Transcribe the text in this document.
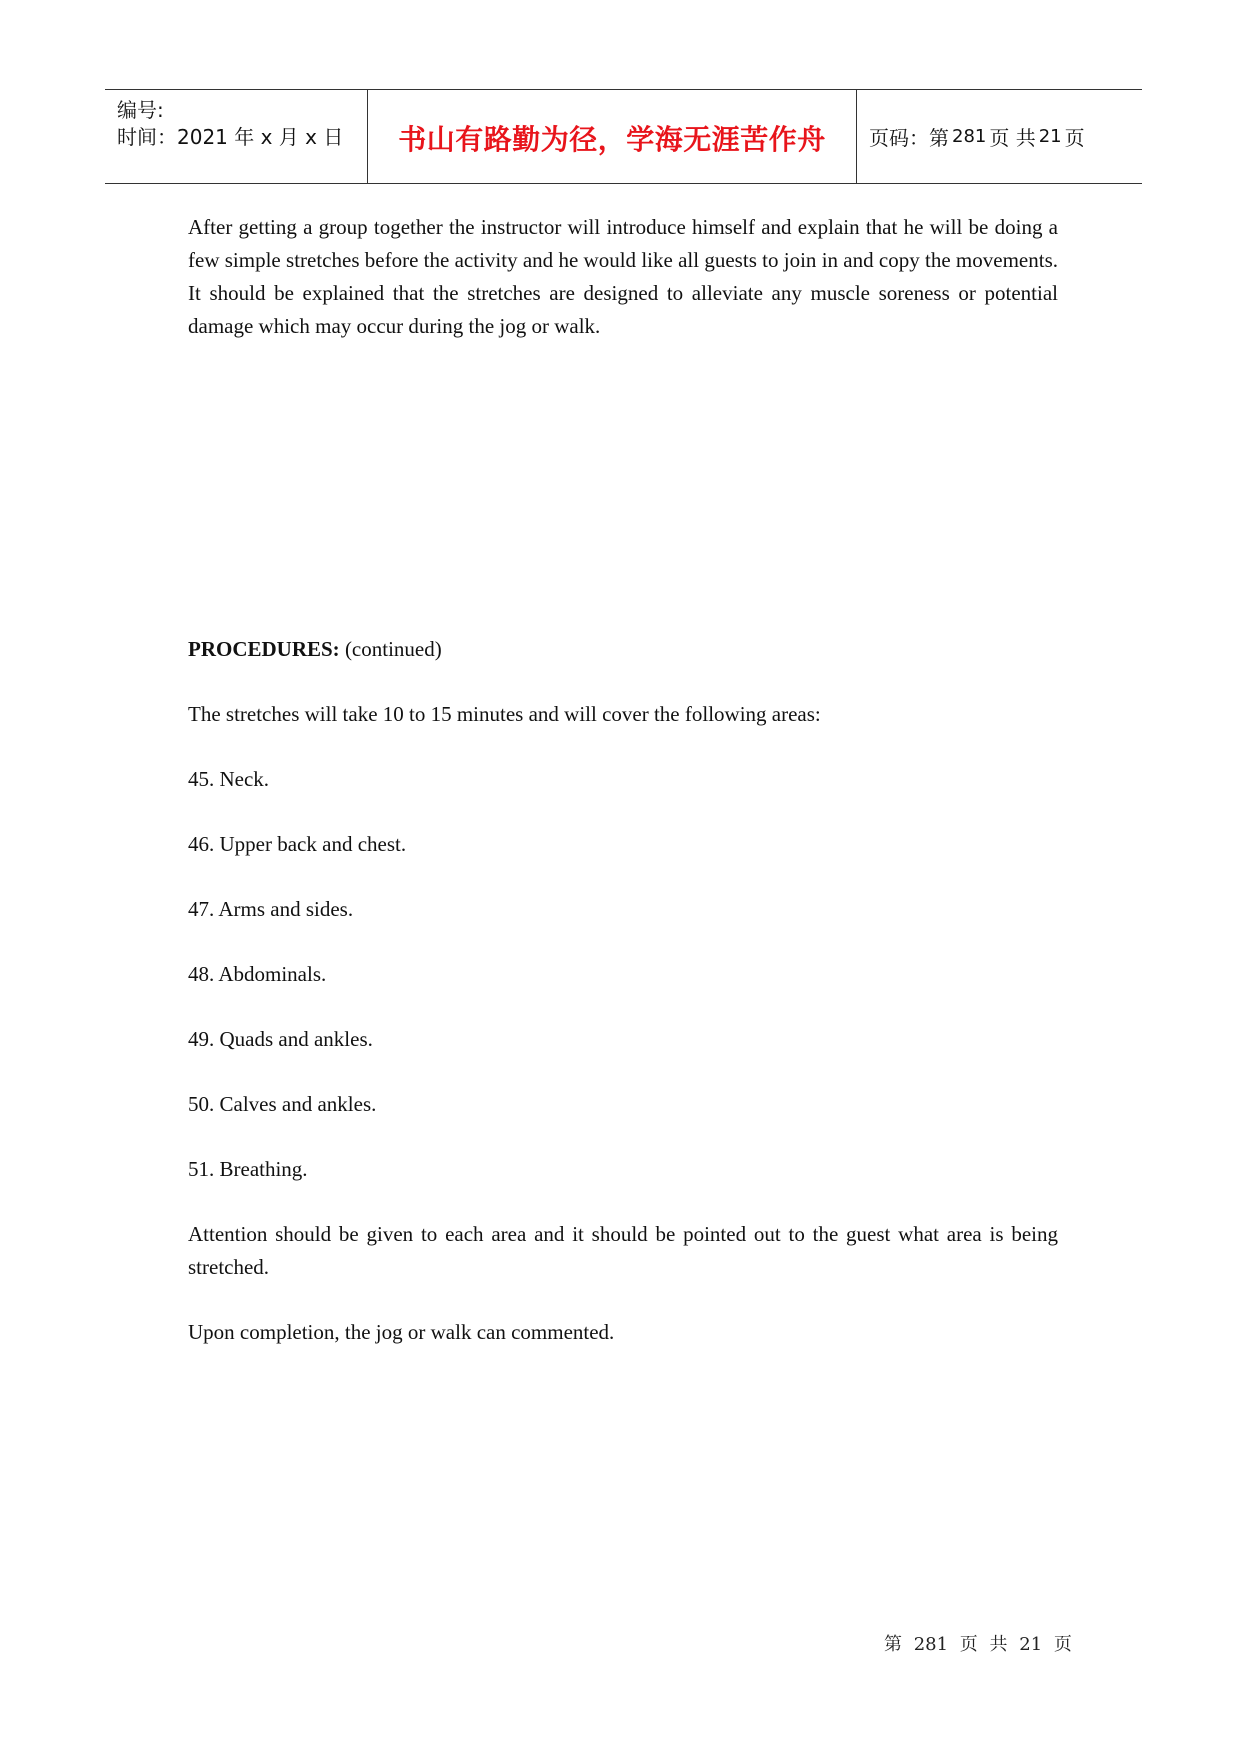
编号:
时间：2021 年 x 月 x 日 书山有路勤为径，学海无涯苦作舟 页码：第 281 页 共 21 页
After getting a group together the instructor will introduce himself and explain that he will be doing a few simple stretches before the activity and he would like all guests to join in and copy the movements. It should be explained that the stretches are designed to alleviate any muscle soreness or potential damage which may occur during the jog or walk.
PROCEDURES: (continued)
The stretches will take 10 to 15 minutes and will cover the following areas:
45. Neck.
46. Upper back and chest.
47. Arms and sides.
48. Abdominals.
49. Quads and ankles.
50. Calves and ankles.
51. Breathing.
Attention should be given to each area and it should be pointed out to the guest what area is being stretched.
Upon completion, the jog or walk can commented.
第 281 页 共 21 页
